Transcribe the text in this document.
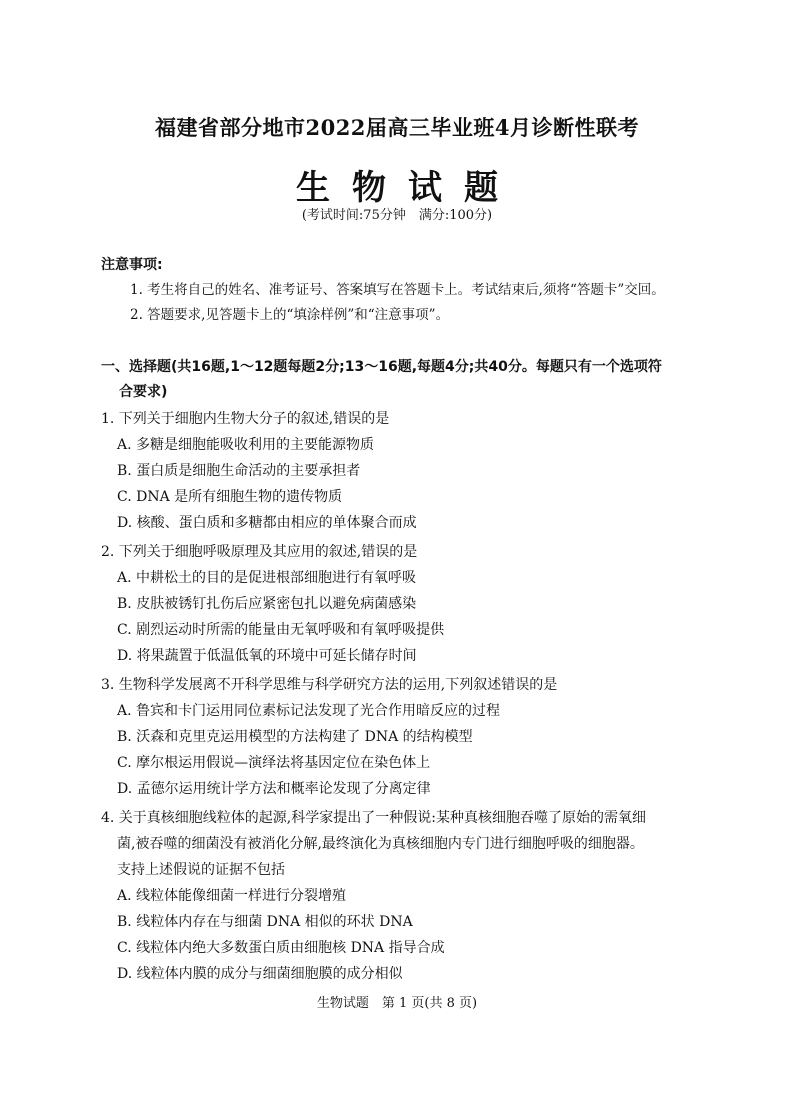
福建省部分地市2022届高三毕业班4月诊断性联考
生物试题
(考试时间:75分钟　满分:100分)
注意事项:
1. 考生将自己的姓名、准考证号、答案填写在答题卡上。考试结束后,须将“答题卡”交回。
2. 答题要求,见答题卡上的“填涂样例”和“注意事项”。
一、选择题(共16题,1～12题每题2分;13～16题,每题4分;共40分。每题只有一个选项符
合要求)
1. 下列关于细胞内生物大分子的叙述,错误的是
A. 多糖是细胞能吸收利用的主要能源物质
B. 蛋白质是细胞生命活动的主要承担者
C. DNA 是所有细胞生物的遗传物质
D. 核酸、蛋白质和多糖都由相应的单体聚合而成
2. 下列关于细胞呼吸原理及其应用的叙述,错误的是
A. 中耕松土的目的是促进根部细胞进行有氧呼吸
B. 皮肤被锈钉扎伤后应紧密包扎以避免病菌感染
C. 剧烈运动时所需的能量由无氧呼吸和有氧呼吸提供
D. 将果蔬置于低温低氧的环境中可延长储存时间
3. 生物科学发展离不开科学思维与科学研究方法的运用,下列叙述错误的是
A. 鲁宾和卡门运用同位素标记法发现了光合作用暗反应的过程
B. 沃森和克里克运用模型的方法构建了 DNA 的结构模型
C. 摩尔根运用假说—演绎法将基因定位在染色体上
D. 孟德尔运用统计学方法和概率论发现了分离定律
4. 关于真核细胞线粒体的起源,科学家提出了一种假说:某种真核细胞吞噬了原始的需氧细
菌,被吞噬的细菌没有被消化分解,最终演化为真核细胞内专门进行细胞呼吸的细胞器。
支持上述假说的证据不包括
A. 线粒体能像细菌一样进行分裂增殖
B. 线粒体内存在与细菌 DNA 相似的环状 DNA
C. 线粒体内绝大多数蛋白质由细胞核 DNA 指导合成
D. 线粒体内膜的成分与细菌细胞膜的成分相似
生物试题　第 1 页(共 8 页)
